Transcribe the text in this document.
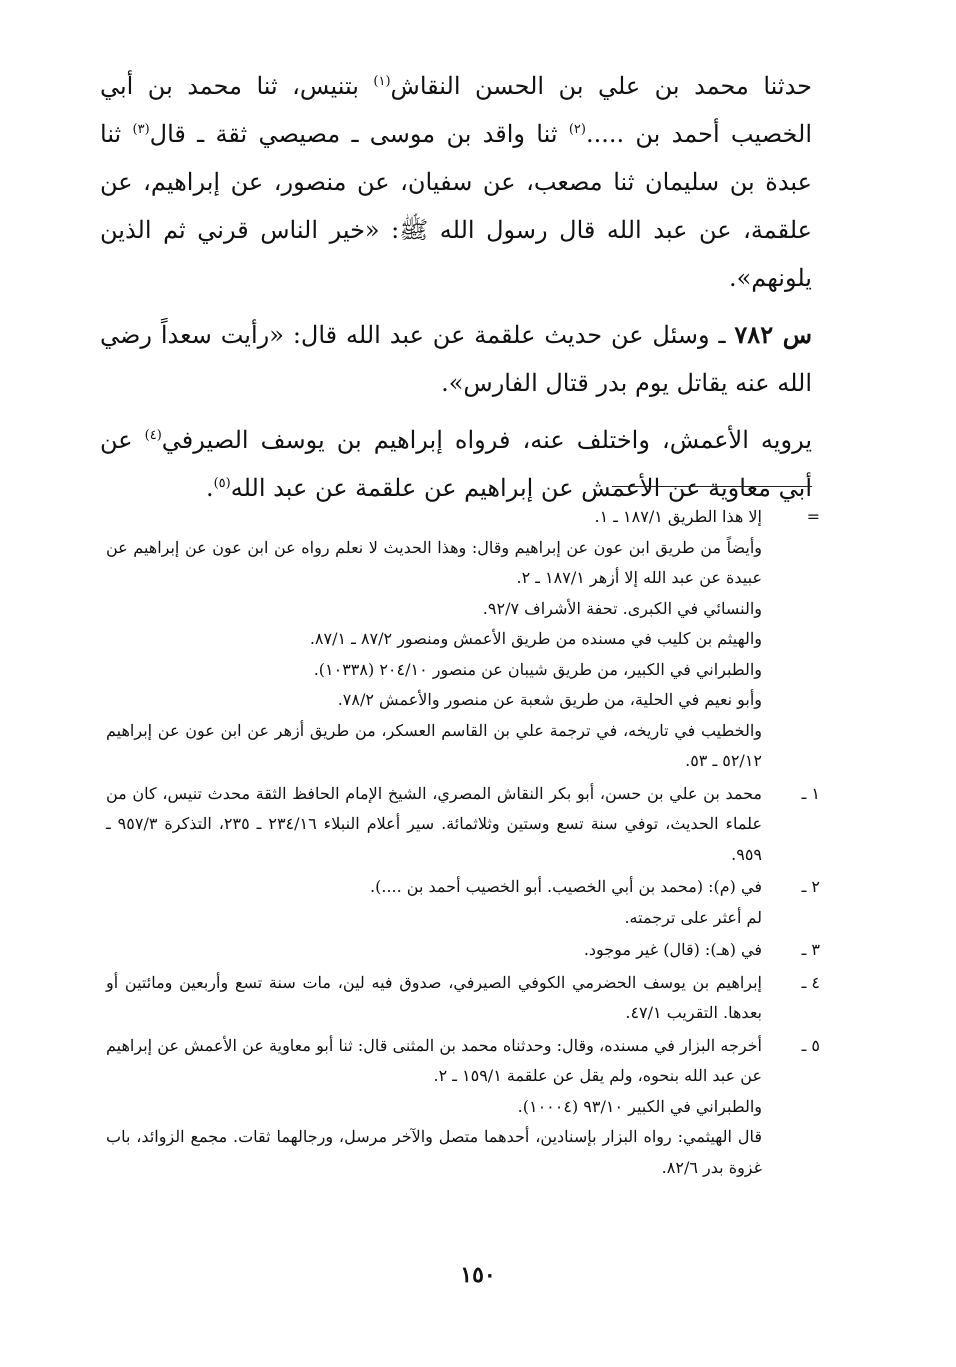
حدثنا محمد بن علي بن الحسن النقاش$^{(١)}$ بتنيس، ثنا محمد بن أبي الخصيب أحمد بن .....$^{(٢)}$ ثنا واقد بن موسى ـ مصيصي ثقة ـ قال$^{(٣)}$ ثنا عبدة بن سليمان ثنا مصعب، عن سفيان، عن منصور، عن إبراهيم، عن علقمة، عن عبد الله قال رسول الله ﷺ: «خير الناس قرني ثم الذين يلونهم».

س ٧٨٢ ـ وسئل عن حديث علقمة عن عبد الله قال: «رأيت سعداً رضي الله عنه يقاتل يوم بدر قتال الفارس».

يرويه الأعمش، واختلف عنه، فرواه إبراهيم بن يوسف الصيرفي$^{(٤)}$ عن أبي معاوية عن الأعمش عن إبراهيم عن علقمة عن عبد الله$^{(٥)}$.

=
إلا هذا الطريق ١٨٧/١ ـ ١.
وأيضاً من طريق ابن عون عن إبراهيم وقال: وهذا الحديث لا نعلم رواه عن ابن عون عن إبراهيم عن عبيدة عن عبد الله إلا أزهر ١٨٧/١ ـ ٢.
والنسائي في الكبرى. تحفة الأشراف ٩٢/٧.
والهيثم بن كليب في مسنده من طريق الأعمش ومنصور ٨٧/٢ ـ ٨٧/١.
والطبراني في الكبير، من طريق شيبان عن منصور ٢٠٤/١٠ (١٠٣٣٨).
وأبو نعيم في الحلية، من طريق شعبة عن منصور والأعمش ٧٨/٢.
والخطيب في تاريخه، في ترجمة علي بن القاسم العسكر، من طريق أزهر عن ابن عون عن إبراهيم ٥٢/١٢ ـ ٥٣.
١ ـ
محمد بن علي بن حسن، أبو بكر النقاش المصري، الشيخ الإمام الحافظ الثقة محدث تنيس، كان من علماء الحديث، توفي سنة تسع وستين وثلاثمائة. سير أعلام النبلاء ٢٣٤/١٦ ـ ٢٣٥، التذكرة ٩٥٧/٣ ـ ٩٥٩.
٢ ـ
في (م): (محمد بن أبي الخصيب. أبو الخصيب أحمد بن ....).
لم أعثر على ترجمته.
٣ ـ
في (هـ): (قال) غير موجود.
٤ ـ
إبراهيم بن يوسف الحضرمي الكوفي الصيرفي، صدوق فيه لين، مات سنة تسع وأربعين ومائتين أو بعدها. التقريب ٤٧/١.
٥ ـ
أخرجه البزار في مسنده، وقال: وحدثناه محمد بن المثنى قال: ثنا أبو معاوية عن الأعمش عن إبراهيم عن عبد الله بنحوه، ولم يقل عن علقمة ١٥٩/١ ـ ٢.
والطبراني في الكبير ٩٣/١٠ (١٠٠٠٤).
قال الهيثمي: رواه البزار بإسنادين، أحدهما متصل والآخر مرسل، ورجالهما ثقات. مجمع الزوائد، باب غزوة بدر ٨٢/٦.
١٥٠
